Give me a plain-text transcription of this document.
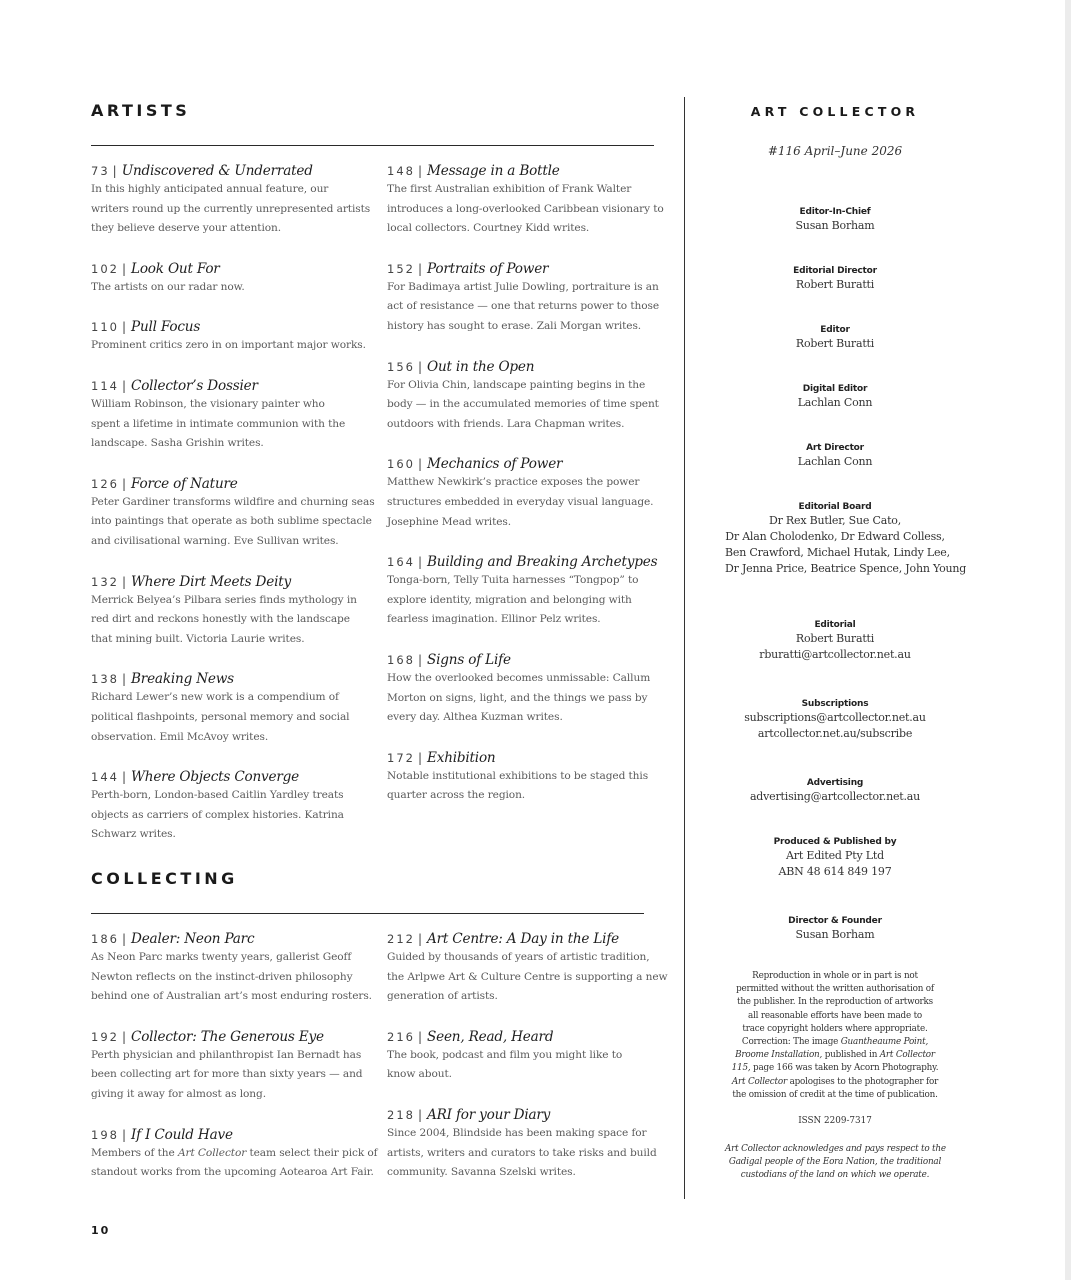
ARTISTS
73 | Undiscovered & Underrated
In this highly anticipated annual feature, our
writers round up the currently unrepresented artists
they believe deserve your attention.
102 | Look Out For
The artists on our radar now.
110 | Pull Focus
Prominent critics zero in on important major works.
114 | Collector’s Dossier
William Robinson, the visionary painter who
spent a lifetime in intimate communion with the
landscape. Sasha Grishin writes.
126 | Force of Nature
Peter Gardiner transforms wildfire and churning seas
into paintings that operate as both sublime spectacle
and civilisational warning. Eve Sullivan writes.
132 | Where Dirt Meets Deity
Merrick Belyea’s Pilbara series finds mythology in
red dirt and reckons honestly with the landscape
that mining built. Victoria Laurie writes.
138 | Breaking News
Richard Lewer’s new work is a compendium of
political flashpoints, personal memory and social
observation. Emil McAvoy writes.
144 | Where Objects Converge
Perth-born, London-based Caitlin Yardley treats
objects as carriers of complex histories. Katrina
Schwarz writes.
148 | Message in a Bottle
The first Australian exhibition of Frank Walter
introduces a long-overlooked Caribbean visionary to
local collectors. Courtney Kidd writes.
152 | Portraits of Power
For Badimaya artist Julie Dowling, portraiture is an
act of resistance — one that returns power to those
history has sought to erase. Zali Morgan writes.
156 | Out in the Open
For Olivia Chin, landscape painting begins in the
body — in the accumulated memories of time spent
outdoors with friends. Lara Chapman writes.
160 | Mechanics of Power
Matthew Newkirk’s practice exposes the power
structures embedded in everyday visual language.
Josephine Mead writes.
164 | Building and Breaking Archetypes
Tonga-born, Telly Tuita harnesses “Tongpop” to
explore identity, migration and belonging with
fearless imagination. Ellinor Pelz writes.
168 | Signs of Life
How the overlooked becomes unmissable: Callum
Morton on signs, light, and the things we pass by
every day. Althea Kuzman writes.
172 | Exhibition
Notable institutional exhibitions to be staged this
quarter across the region.
COLLECTING
186 | Dealer: Neon Parc
As Neon Parc marks twenty years, gallerist Geoff
Newton reflects on the instinct-driven philosophy
behind one of Australian art’s most enduring rosters.
192 | Collector: The Generous Eye
Perth physician and philanthropist Ian Bernadt has
been collecting art for more than sixty years — and
giving it away for almost as long.
198 | If I Could Have
Members of the Art Collector team select their pick of
standout works from the upcoming Aotearoa Art Fair.
212 | Art Centre: A Day in the Life
Guided by thousands of years of artistic tradition,
the Arlpwe Art & Culture Centre is supporting a new
generation of artists.
216 | Seen, Read, Heard
The book, podcast and film you might like to
know about.
218 | ARI for your Diary
Since 2004, Blindside has been making space for
artists, writers and curators to take risks and build
community. Savanna Szelski writes.

ART COLLECTOR

#116 April–June 2026
Editor-In-Chief
Susan Borham
Editorial Director
Robert Buratti
Editor
Robert Buratti
Digital Editor
Lachlan Conn
Art Director
Lachlan Conn
Editorial Board
Dr Rex Butler, Sue Cato,
Dr Alan Cholodenko, Dr Edward Colless,
Ben Crawford, Michael Hutak, Lindy Lee,
Dr Jenna Price, Beatrice Spence, John Young
Editorial
Robert Buratti
rburatti@artcollector.net.au
Subscriptions
subscriptions@artcollector.net.au
artcollector.net.au/subscribe
Advertising
advertising@artcollector.net.au
Produced & Published by
Art Edited Pty Ltd
ABN 48 614 849 197
Director & Founder
Susan Borham
Reproduction in whole or in part is not
permitted without the written authorisation of
the publisher. In the reproduction of artworks
all reasonable efforts have been made to
trace copyright holders where appropriate.
Correction: The image Guantheaume Point,
Broome Installation, published in Art Collector
115, page 166 was taken by Acorn Photography.
Art Collector apologises to the photographer for
the omission of credit at the time of publication.
ISSN 2209-7317
Art Collector acknowledges and pays respect to the
Gadigal people of the Eora Nation, the traditional
custodians of the land on which we operate.
10
